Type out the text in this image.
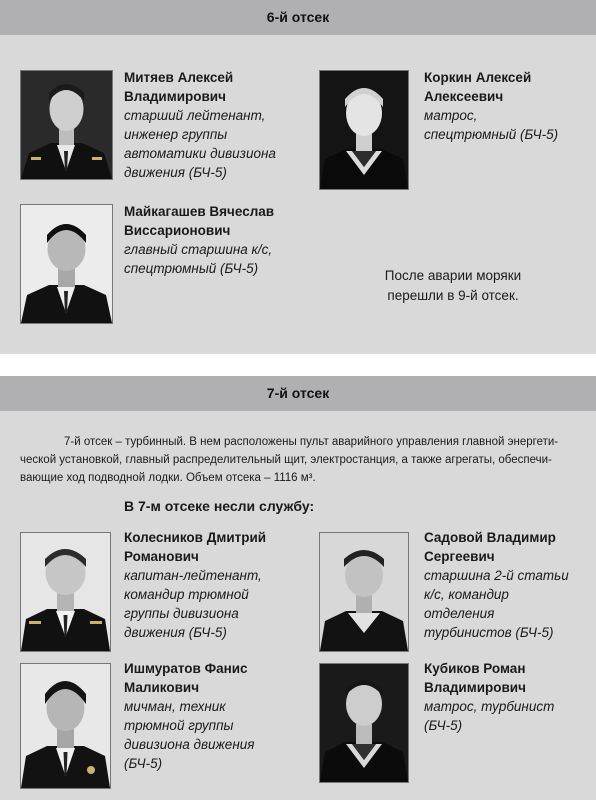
6-й отсек

Митяев Алексей

Владимирович

старший лейтенант,

инженер группы

автоматики дивизиона

движения (БЧ-5)

Коркин Алексей

Алексеевич

матрос,

спецтрюмный (БЧ-5)

Майкагашев Вячеслав

Виссарионович

главный старшина к/с,

спецтрюмный (БЧ-5)	После аварии моряки
перешли в 9-й отсек.
7-й отсек

7-й отсек – турбинный. В нем расположены пульт аварийного управления главной энергети-

ческой установкой, главный распределительный щит, электростанция, а также агрегаты, обеспечи-

вающие ход подводной лодки. Объем отсека – 1116 м³.

В 7-м отсеке несли службу:

Колесников Дмитрий

Романович

капитан-лейтенант,

командир трюмной

группы дивизиона

движения (БЧ-5)

Садовой Владимир

Сергеевич

старшина 2-й статьи

к/с, командир

отделения

турбинистов (БЧ-5)

Ишмуратов Фанис

Маликович

мичман, техник

трюмной группы

дивизиона движения

(БЧ-5)

Кубиков Роман

Владимирович

матрос, турбинист

(БЧ-5)
